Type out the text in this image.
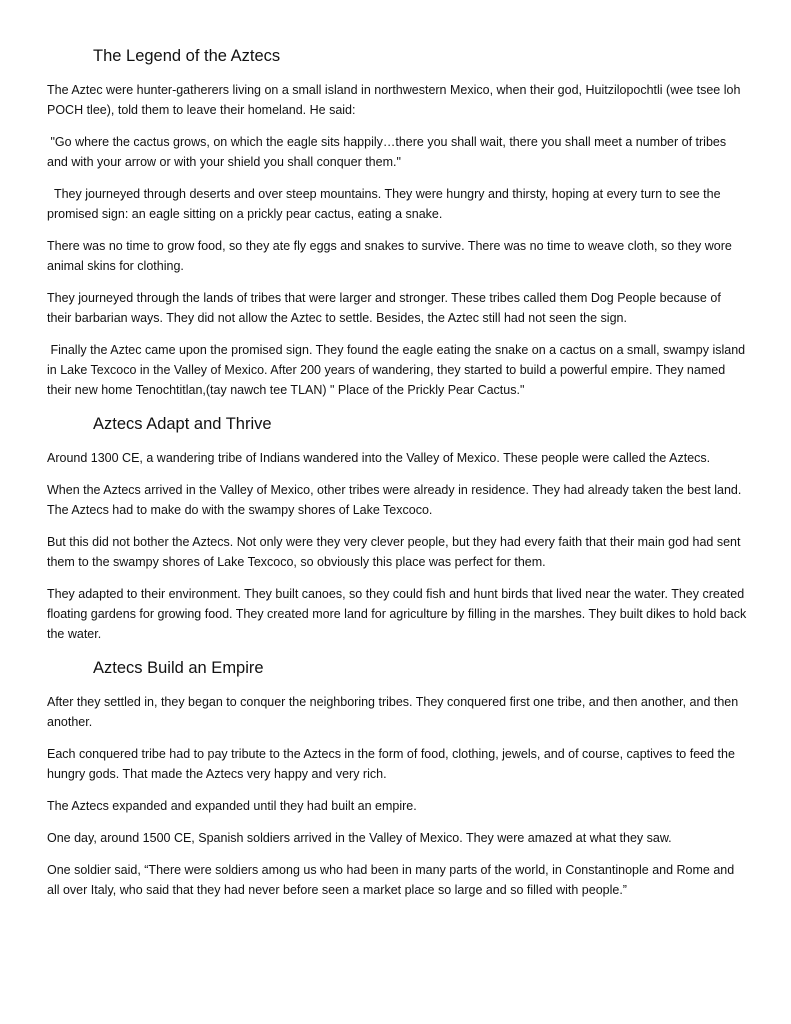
The Legend of the Aztecs

The Aztec were hunter-gatherers living on a small island in northwestern Mexico, when their god, Huitzilopochtli (wee tsee loh POCH tlee), told them to leave their homeland. He said:

"Go where the cactus grows, on which the eagle sits happily…there you shall wait, there you shall meet a number of tribes and with your arrow or with your shield you shall conquer them."

They journeyed through deserts and over steep mountains. They were hungry and thirsty, hoping at every turn to see the promised sign: an eagle sitting on a prickly pear cactus, eating a snake.

There was no time to grow food, so they ate fly eggs and snakes to survive. There was no time to weave cloth, so they wore animal skins for clothing.

They journeyed through the lands of tribes that were larger and stronger. These tribes called them Dog People because of their barbarian ways. They did not allow the Aztec to settle. Besides, the Aztec still had not seen the sign.

Finally the Aztec came upon the promised sign. They found the eagle eating the snake on a cactus on a small, swampy island in Lake Texcoco in the Valley of Mexico. After 200 years of wandering, they started to build a powerful empire. They named their new home Tenochtitlan,(tay nawch tee TLAN) " Place of the Prickly Pear Cactus."

Aztecs Adapt and Thrive

Around 1300 CE, a wandering tribe of Indians wandered into the Valley of Mexico. These people were called the Aztecs.

When the Aztecs arrived in the Valley of Mexico, other tribes were already in residence. They had already taken the best land. The Aztecs had to make do with the swampy shores of Lake Texcoco.

But this did not bother the Aztecs. Not only were they very clever people, but they had every faith that their main god had sent them to the swampy shores of Lake Texcoco, so obviously this place was perfect for them.

They adapted to their environment. They built canoes, so they could fish and hunt birds that lived near the water. They created floating gardens for growing food. They created more land for agriculture by filling in the marshes. They built dikes to hold back the water.

Aztecs Build an Empire

After they settled in, they began to conquer the neighboring tribes. They conquered first one tribe, and then another, and then another.

Each conquered tribe had to pay tribute to the Aztecs in the form of food, clothing, jewels, and of course, captives to feed the hungry gods. That made the Aztecs very happy and very rich.

The Aztecs expanded and expanded until they had built an empire.

One day, around 1500 CE, Spanish soldiers arrived in the Valley of Mexico. They were amazed at what they saw.

One soldier said, “There were soldiers among us who had been in many parts of the world, in Constantinople and Rome and all over Italy, who said that they had never before seen a market place so large and so filled with people.”
